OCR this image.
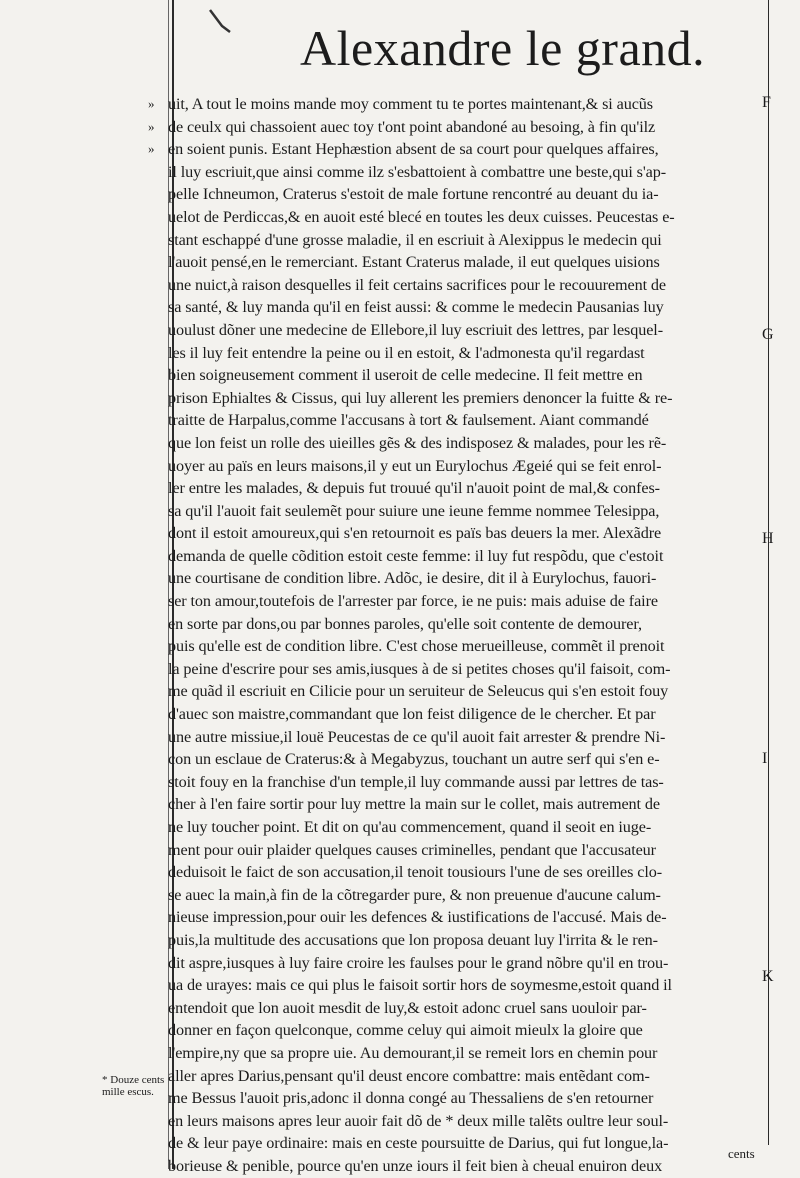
Alexandre le grand.
»
»
»
F
G
H
I
K
* Douze cents mille escus.
uit, A tout le moins mande moy comment tu te portes maintenant,& si aucũs
de ceulx qui chassoient auec toy t'ont point abandoné au besoing, à fin qu'ilz
en soient punis. Estant Hephæstion absent de sa court pour quelques affaires,
il luy escriuit,que ainsi comme ilz s'esbattoient à combattre une beste,qui s'ap-
pelle Ichneumon, Craterus s'estoit de male fortune rencontré au deuant du ia-
uelot de Perdiccas,& en auoit esté blecé en toutes les deux cuisses. Peucestas e-
stant eschappé d'une grosse maladie, il en escriuit à Alexippus le medecin qui
l'auoit pensé,en le remerciant. Estant Craterus malade, il eut quelques uisions
une nuict,à raison desquelles il feit certains sacrifices pour le recouurement de
sa santé, & luy manda qu'il en feist aussi: & comme le medecin Pausanias luy
uoulust dõner une medecine de Ellebore,il luy escriuit des lettres, par lesquel-
les il luy feit entendre la peine ou il en estoit, & l'admonesta qu'il regardast
bien soigneusement comment il useroit de celle medecine. Il feit mettre en
prison Ephialtes & Cissus, qui luy allerent les premiers denoncer la fuitte & re-
traitte de Harpalus,comme l'accusans à tort & faulsement. Aiant commandé
que lon feist un rolle des uieilles gẽs & des indisposez & malades, pour les rẽ-
uoyer au païs en leurs maisons,il y eut un Eurylochus Ægeié qui se feit enrol-
ler entre les malades, & depuis fut trouué qu'il n'auoit point de mal,& confes-
sa qu'il l'auoit fait seulemẽt pour suiure une ieune femme nommee Telesippa,
dont il estoit amoureux,qui s'en retournoit es païs bas deuers la mer. Alexãdre
demanda de quelle cõdition estoit ceste femme: il luy fut respõdu, que c'estoit
une courtisane de condition libre. Adõc, ie desire, dit il à Eurylochus, fauori-
ser ton amour,toutefois de l'arrester par force, ie ne puis: mais aduise de faire
en sorte par dons,ou par bonnes paroles, qu'elle soit contente de demourer,
puis qu'elle est de condition libre. C'est chose merueilleuse, commẽt il prenoit
la peine d'escrire pour ses amis,iusques à de si petites choses qu'il faisoit, com-
me quãd il escriuit en Cilicie pour un seruiteur de Seleucus qui s'en estoit fouy
d'auec son maistre,commandant que lon feist diligence de le chercher. Et par
une autre missiue,il louë Peucestas de ce qu'il auoit fait arrester & prendre Ni-
con un esclaue de Craterus:& à Megabyzus, touchant un autre serf qui s'en e-
stoit fouy en la franchise d'un temple,il luy commande aussi par lettres de tas-
cher à l'en faire sortir pour luy mettre la main sur le collet, mais autrement de
ne luy toucher point. Et dit on qu'au commencement, quand il seoit en iuge-
ment pour ouir plaider quelques causes criminelles, pendant que l'accusateur
deduisoit le faict de son accusation,il tenoit tousiours l'une de ses oreilles clo-
se auec la main,à fin de la cõtregarder pure, & non preuenue d'aucune calum-
nieuse impression,pour ouir les defences & iustifications de l'accusé. Mais de-
puis,la multitude des accusations que lon proposa deuant luy l'irrita & le ren-
dit aspre,iusques à luy faire croire les faulses pour le grand nõbre qu'il en trou-
ua de urayes: mais ce qui plus le faisoit sortir hors de soymesme,estoit quand il
entendoit que lon auoit mesdit de luy,& estoit adonc cruel sans uouloir par-
donner en façon quelconque, comme celuy qui aimoit mieulx la gloire que
l'empire,ny que sa propre uie. Au demourant,il se remeit lors en chemin pour
aller apres Darius,pensant qu'il deust encore combattre: mais entẽdant com-
me Bessus l'auoit pris,adonc il donna congé au Thessaliens de s'en retourner
en leurs maisons apres leur auoir fait dõ de * deux mille talẽts oultre leur soul-
de & leur paye ordinaire: mais en ceste poursuitte de Darius, qui fut longue,la-
borieuse & penible, pource qu'en unze iours il feit bien à cheual enuiron deux
cents
